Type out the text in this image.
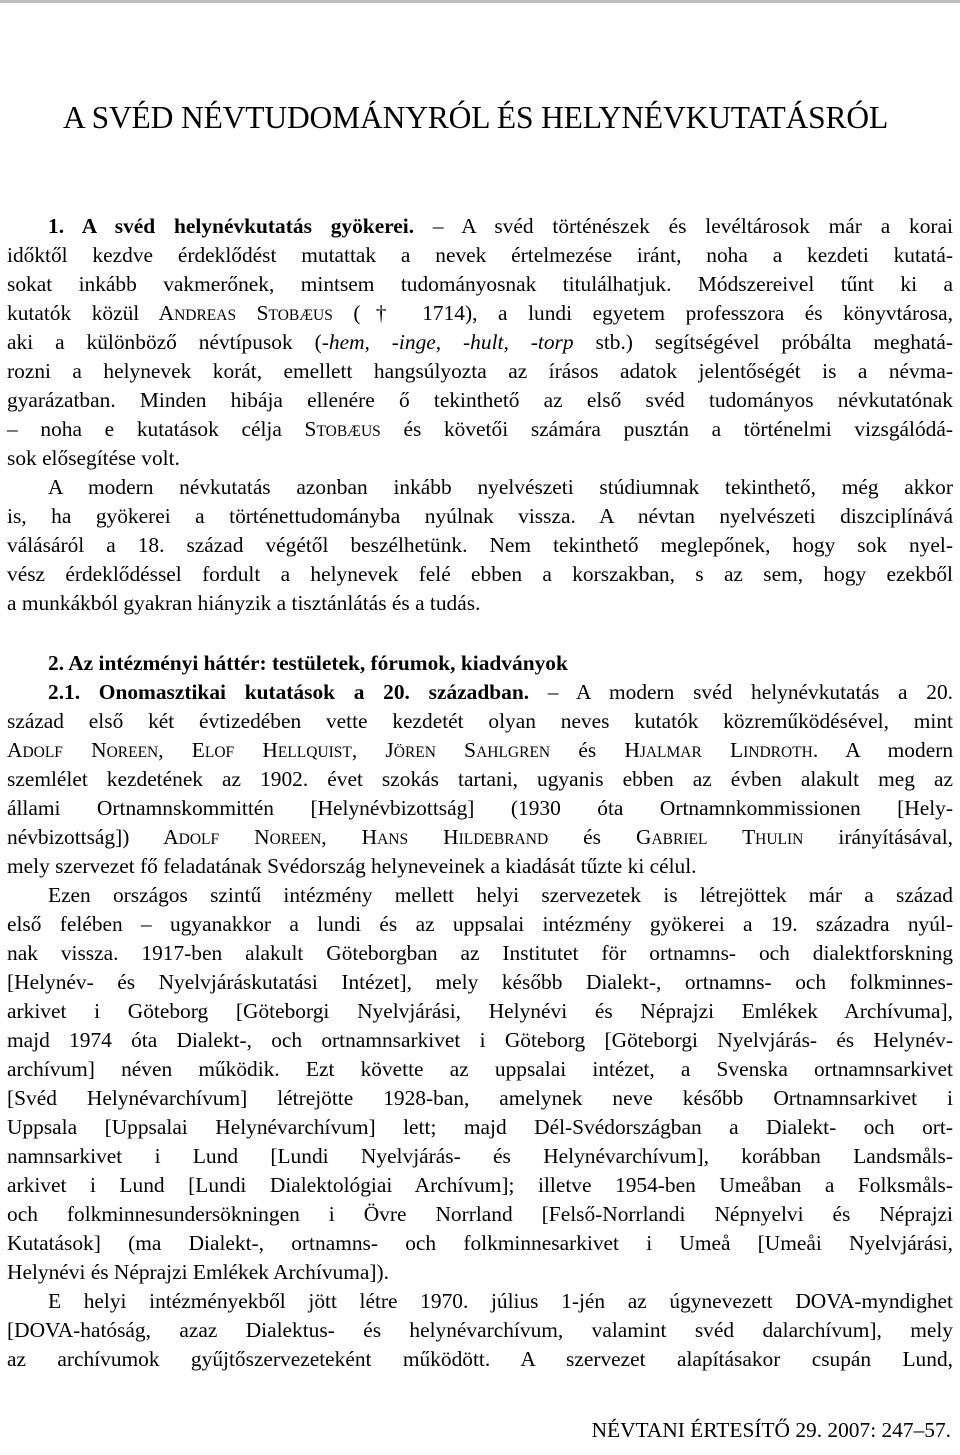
A SVÉD NÉVTUDOMÁNYRÓL ÉS HELYNÉVKUTATÁSRÓL
1. A svéd helynévkutatás gyökerei. – A svéd történészek és levéltárosok már a korai
időktől kezdve érdeklődést mutattak a nevek értelmezése iránt, noha a kezdeti kutatá-
sokat inkább vakmerőnek, mintsem tudományosnak titulálhatjuk. Módszereivel tűnt ki a
kutatók közül ANDREAS STOBÆUS († 1714), a lundi egyetem professzora és könyvtárosa,
aki a különböző névtípusok (-hem, -inge, -hult, -torp stb.) segítségével próbálta meghatá-
rozni a helynevek korát, emellett hangsúlyozta az írásos adatok jelentőségét is a névma-
gyarázatban. Minden hibája ellenére ő tekinthető az első svéd tudományos névkutatónak
– noha e kutatások célja STOBÆUS és követői számára pusztán a történelmi vizsgálódá-
sok elősegítése volt.
A modern névkutatás azonban inkább nyelvészeti stúdiumnak tekinthető, még akkor
is, ha gyökerei a történettudományba nyúlnak vissza. A névtan nyelvészeti diszciplínává
válásáról a 18. század végétől beszélhetünk. Nem tekinthető meglepőnek, hogy sok nyel-
vész érdeklődéssel fordult a helynevek felé ebben a korszakban, s az sem, hogy ezekből
a munkákból gyakran hiányzik a tisztánlátás és a tudás.
2. Az intézményi háttér: testületek, fórumok, kiadványok
2.1. Onomasztikai kutatások a 20. században. – A modern svéd helynévkutatás a 20.
század első két évtizedében vette kezdetét olyan neves kutatók közreműködésével, mint
ADOLF NOREEN, ELOF HELLQUIST, JÖREN SAHLGREN és HJALMAR LINDROTH. A modern
szemlélet kezdetének az 1902. évet szokás tartani, ugyanis ebben az évben alakult meg az
állami Ortnamnskommittén [Helynévbizottság] (1930 óta Ortnamnkommissionen [Hely-
névbizottság]) ADOLF NOREEN, HANS HILDEBRAND és GABRIEL THULIN irányításával,
mely szervezet fő feladatának Svédország helyneveinek a kiadását tűzte ki célul.
Ezen országos szintű intézmény mellett helyi szervezetek is létrejöttek már a század
első felében – ugyanakkor a lundi és az uppsalai intézmény gyökerei a 19. századra nyúl-
nak vissza. 1917-ben alakult Göteborgban az Institutet för ortnamns- och dialektforskning
[Helynév- és Nyelvjáráskutatási Intézet], mely később Dialekt-, ortnamns- och folkminnes-
arkivet i Göteborg [Göteborgi Nyelvjárási, Helynévi és Néprajzi Emlékek Archívuma],
majd 1974 óta Dialekt-, och ortnamnsarkivet i Göteborg [Göteborgi Nyelvjárás- és Helynév-
archívum] néven működik. Ezt követte az uppsalai intézet, a Svenska ortnamnsarkivet
[Svéd Helynévarchívum] létrejötte 1928-ban, amelynek neve később Ortnamnsarkivet i
Uppsala [Uppsalai Helynévarchívum] lett; majd Dél-Svédországban a Dialekt- och ort-
namnsarkivet i Lund [Lundi Nyelvjárás- és Helynévarchívum], korábban Landsmåls-
arkivet i Lund [Lundi Dialektológiai Archívum]; illetve 1954-ben Umeåban a Folksmåls-
och folkminnesundersökningen i Övre Norrland [Felső-Norrlandi Népnyelvi és Néprajzi
Kutatások] (ma Dialekt-, ortnamns- och folkminnesarkivet i Umeå [Umeåi Nyelvjárási,
Helynévi és Néprajzi Emlékek Archívuma]).
E helyi intézményekből jött létre 1970. július 1-jén az úgynevezett DOVA-myndighet
[DOVA-hatóság, azaz Dialektus- és helynévarchívum, valamint svéd dalarchívum], mely
az archívumok gyűjtőszervezeteként működött. A szervezet alapításakor csupán Lund,
NÉVTANI ÉRTESÍTŐ 29. 2007: 247–57.
